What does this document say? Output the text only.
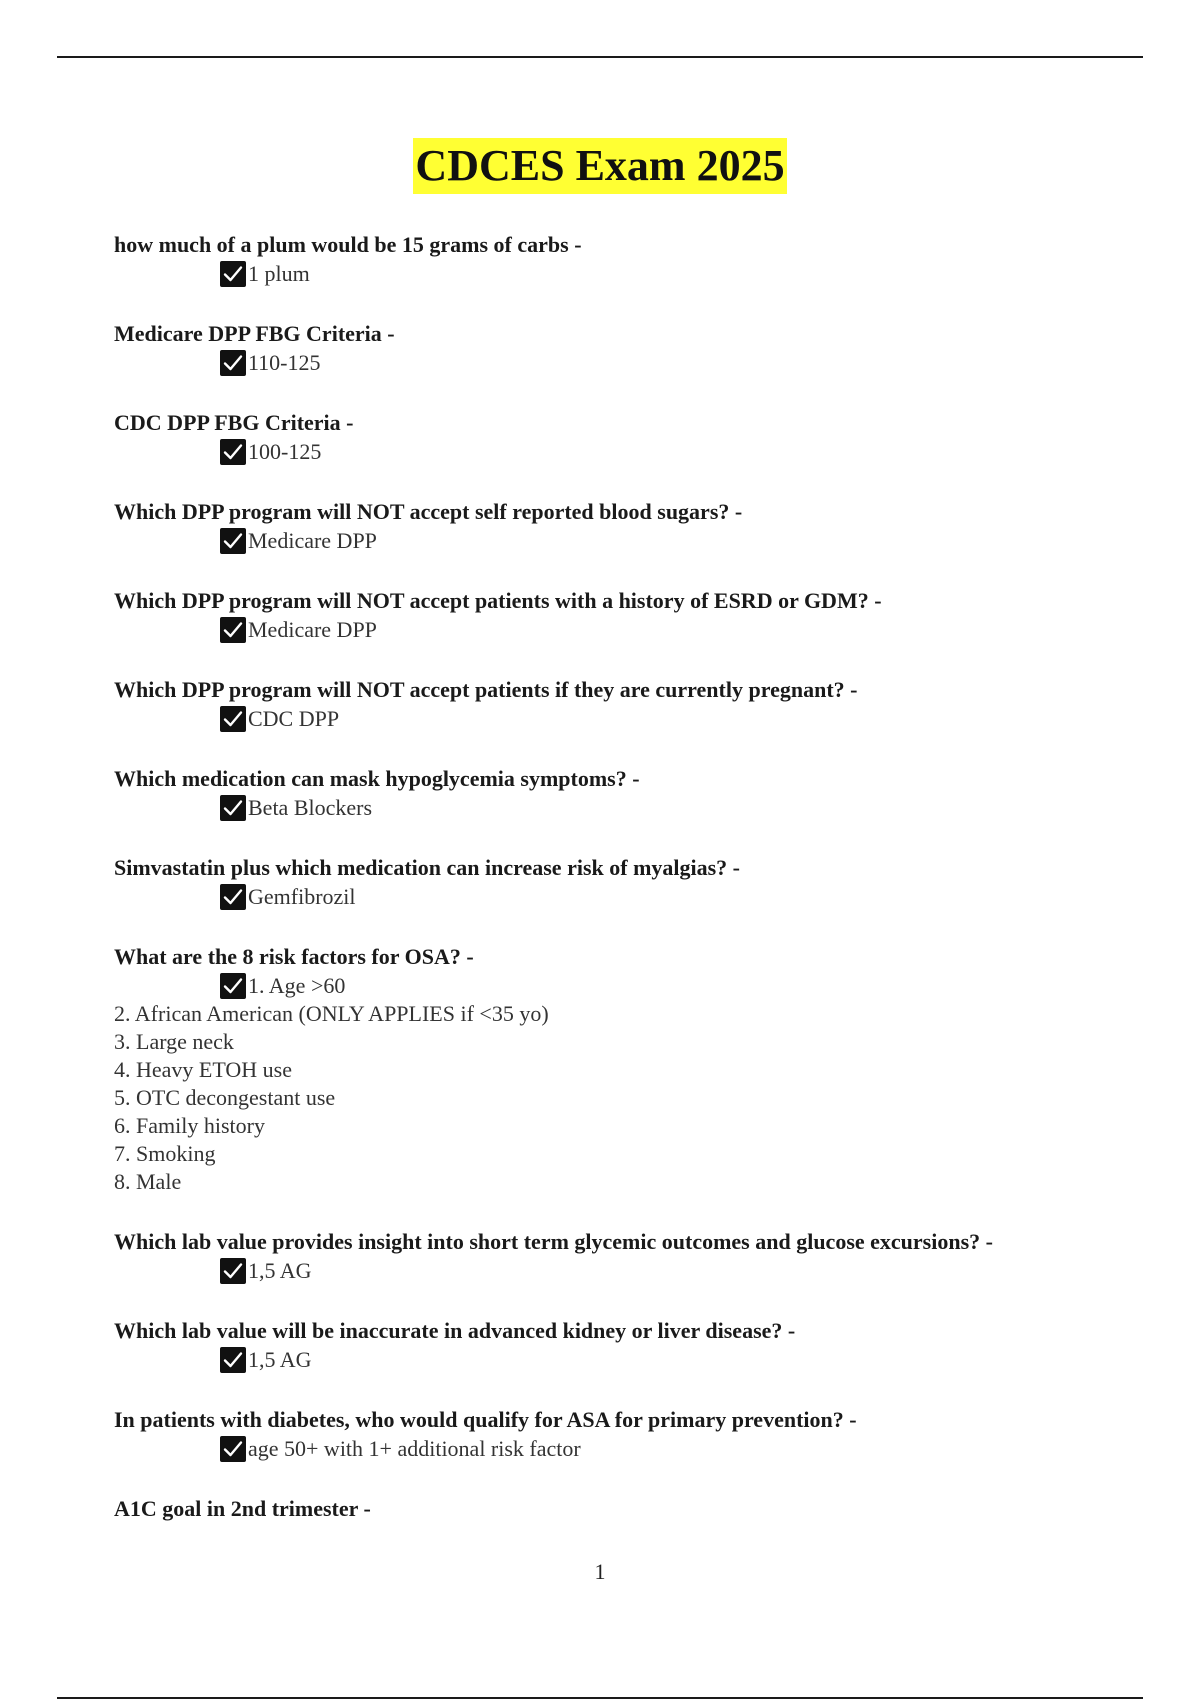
CDCES Exam 2025
how much of a plum would be 15 grams of carbs -
1 plum
Medicare DPP FBG Criteria -
110-125
CDC DPP FBG Criteria -
100-125
Which DPP program will NOT accept self reported blood sugars? -
Medicare DPP
Which DPP program will NOT accept patients with a history of ESRD or GDM? -
Medicare DPP
Which DPP program will NOT accept patients if they are currently pregnant? -
CDC DPP
Which medication can mask hypoglycemia symptoms? -
Beta Blockers
Simvastatin plus which medication can increase risk of myalgias? -
Gemfibrozil
What are the 8 risk factors for OSA? -
1. Age >60
2. African American (ONLY APPLIES if <35 yo)
3. Large neck
4. Heavy ETOH use
5. OTC decongestant use
6. Family history
7. Smoking
8. Male
Which lab value provides insight into short term glycemic outcomes and glucose excursions? -
1,5 AG
Which lab value will be inaccurate in advanced kidney or liver disease? -
1,5 AG
In patients with diabetes, who would qualify for ASA for primary prevention? -
age 50+ with 1+ additional risk factor
A1C goal in 2nd trimester -
1
